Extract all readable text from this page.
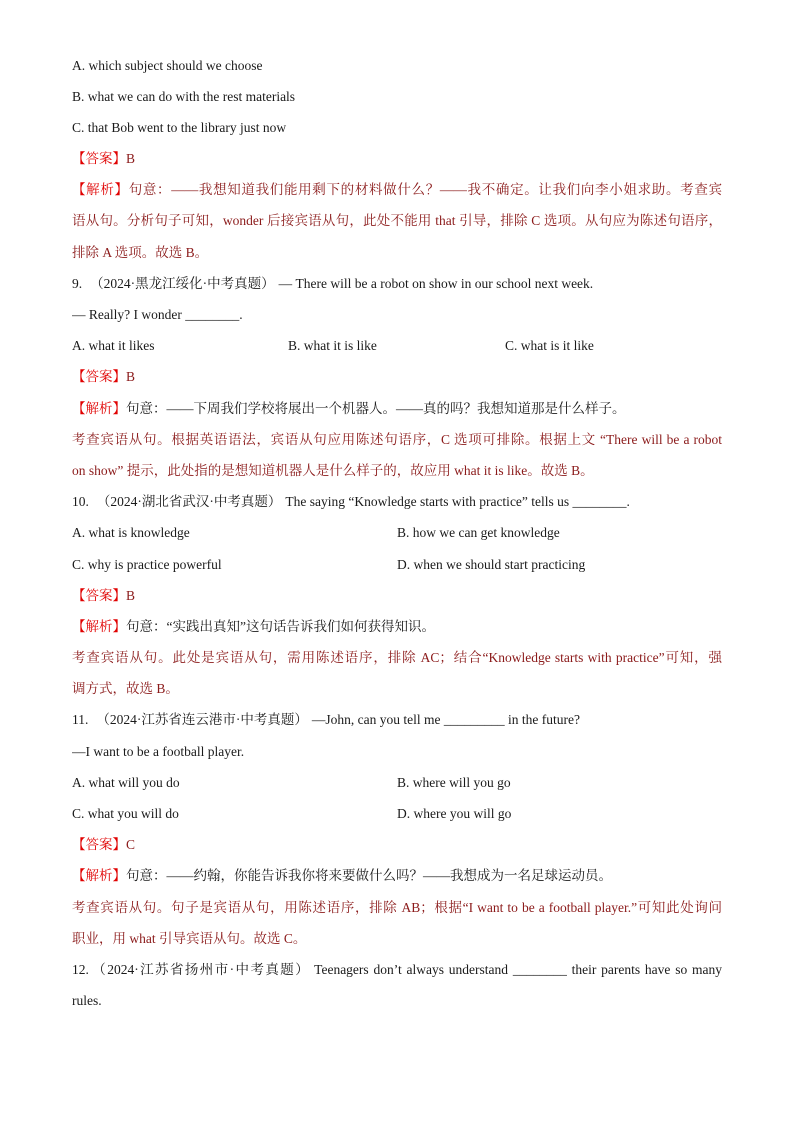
A. which subject should we choose
B. what we can do with the rest materials
C. that Bob went to the library just now
【答案】B
【解析】句意：——我想知道我们能用剩下的材料做什么？——我不确定。让我们向李小姐求助。考查宾
语从句。分析句子可知，wonder 后接宾语从句，此处不能用 that 引导，排除 C 选项。从句应为陈述句语序，
排除 A 选项。故选 B。
9. （2024·黑龙江绥化·中考真题） — There will be a robot on show in our school next week.
— Really? I wonder ________.
A. what it likes	B. what it is like	C. what is it like
【答案】B
【解析】句意：——下周我们学校将展出一个机器人。——真的吗？我想知道那是什么样子。
考查宾语从句。根据英语语法，宾语从句应用陈述句语序，C 选项可排除。根据上文 “There will be a robot
on show” 提示，此处指的是想知道机器人是什么样子的，故应用 what it is like。故选 B。
10. （2024·湖北省武汉·中考真题） The saying “Knowledge starts with practice” tells us ________.
A. what is knowledge	B. how we can get knowledge
C. why is practice powerful	D. when we should start practicing
【答案】B
【解析】句意：“实践出真知”这句话告诉我们如何获得知识。
考查宾语从句。此处是宾语从句，需用陈述语序，排除 AC；结合“Knowledge starts with practice”可知，强
调方式，故选 B。
11. （2024·江苏省连云港市·中考真题） —John, can you tell me _________ in the future?
—I want to be a football player.
A. what will you do	B. where will you go
C. what you will do	D. where you will go
【答案】C
【解析】句意：——约翰，你能告诉我你将来要做什么吗？——我想成为一名足球运动员。
考查宾语从句。句子是宾语从句，用陈述语序，排除 AB；根据“I want to be a football player.”可知此处询问
职业，用 what 引导宾语从句。故选 C。
12. （2024·江苏省扬州市·中考真题） Teenagers don’t always understand ________ their parents have so many
rules.
